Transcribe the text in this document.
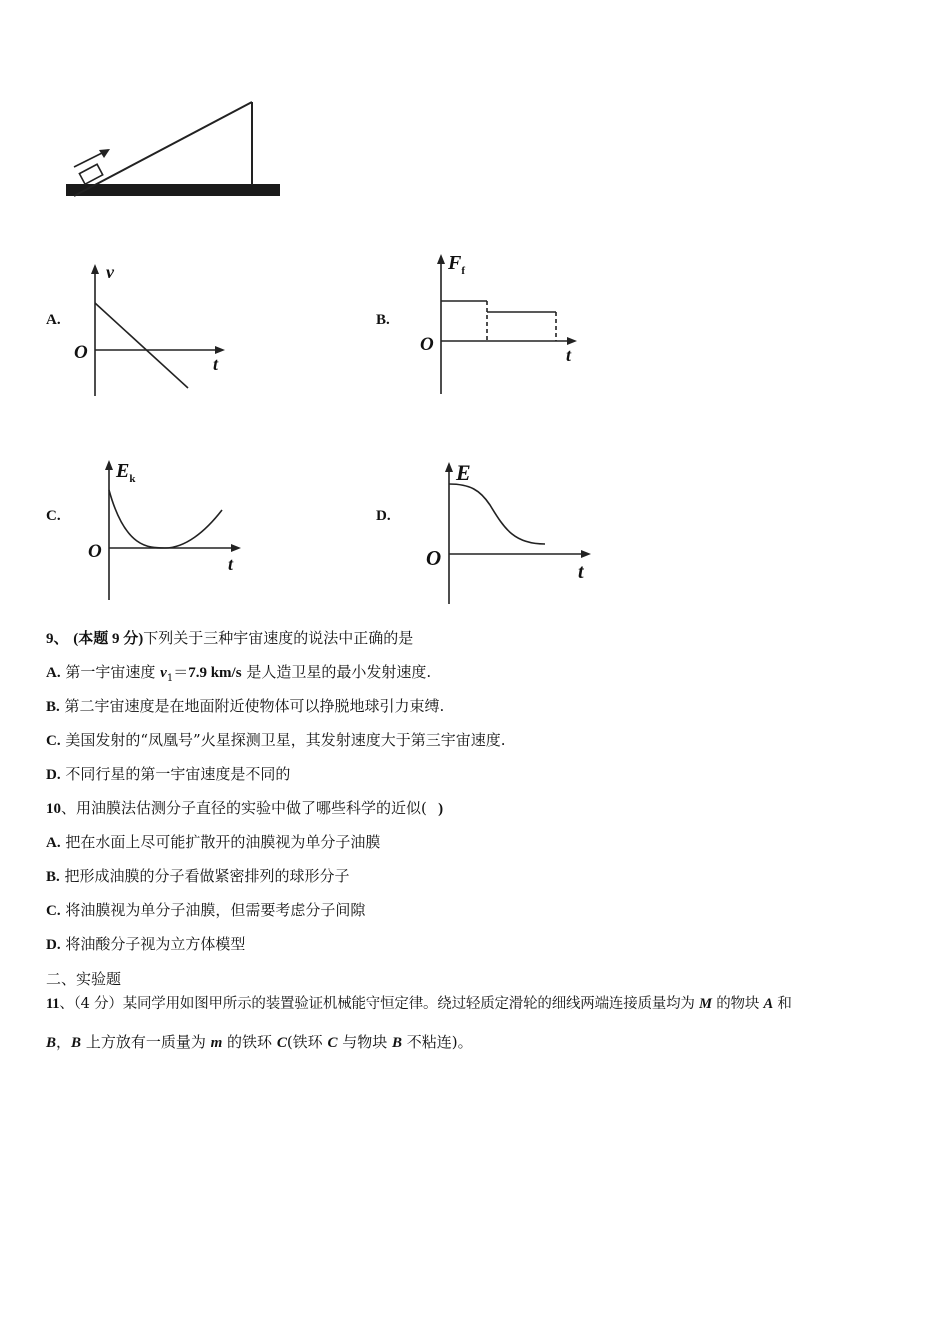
A.
v
O
t
B.
$F_f$
O	t
C.
$E_k$
O
t
D.
E
O
t
9、 (本题 9 分)下列关于三种宇宙速度的说法中正确的是
A. 第一宇宙速度 $v_1=7.9$ km/s 是人造卫星的最小发射速度.
B. 第二宇宙速度是在地面附近使物体可以挣脱地球引力束缚.
C. 美国发射的“凤凰号”火星探测卫星，其发射速度大于第三宇宙速度.
D. 不同行星的第一宇宙速度是不同的
10、用油膜法估测分子直径的实验中做了哪些科学的近似(   )
A. 把在水面上尽可能扩散开的油膜视为单分子油膜
B. 把形成油膜的分子看做紧密排列的球形分子
C. 将油膜视为单分子油膜，但需要考虑分子间隙
D. 将油酸分子视为立方体模型
二、实验题
11、（4 分）某同学用如图甲所示的装置验证机械能守恒定律。绕过轻质定滑轮的细线两端连接质量均为 M 的物块 A 和
B，B 上方放有一质量为 m 的铁环 C(铁环 C 与物块 B 不粘连)。
